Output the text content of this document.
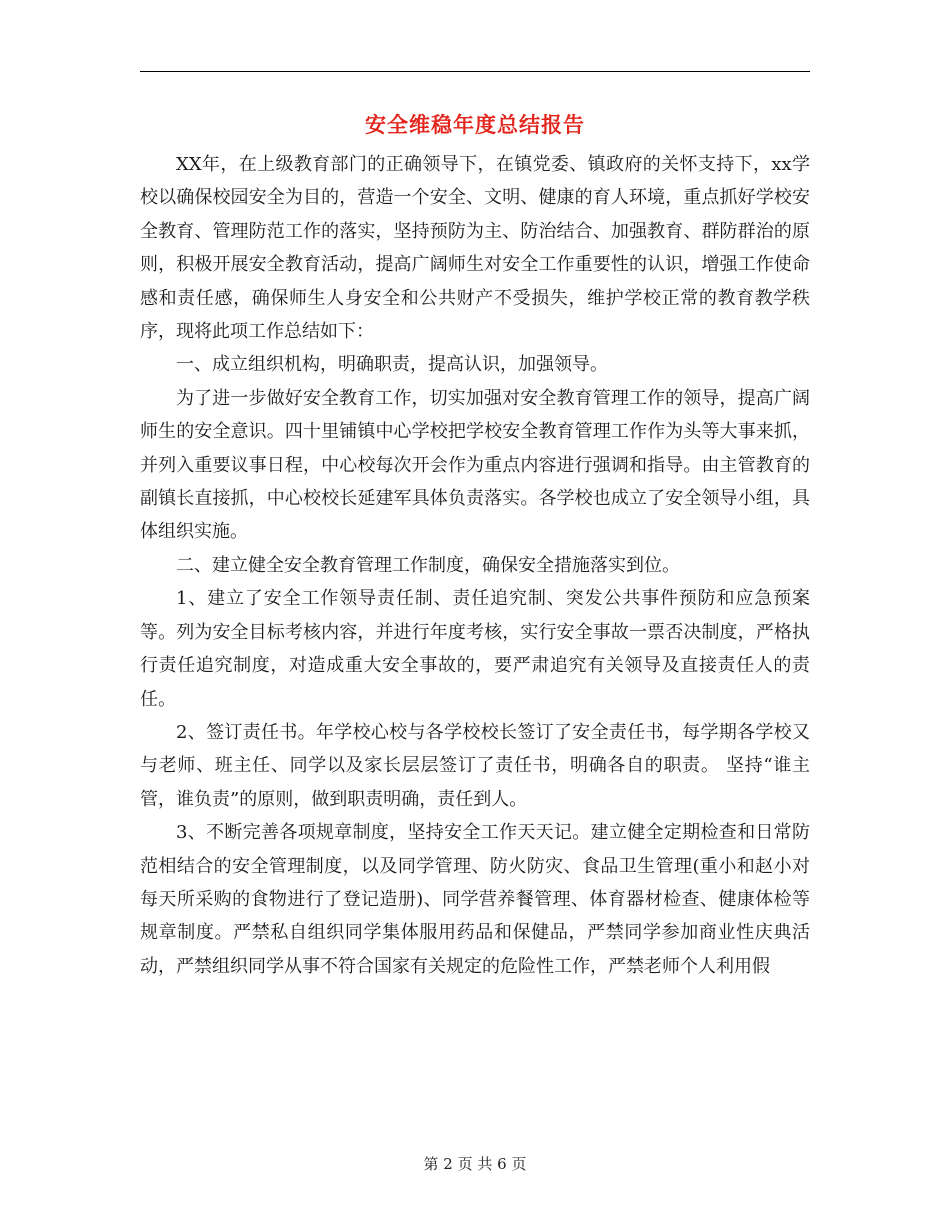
安全维稳年度总结报告

XX年，在上级教育部门的正确领导下，在镇党委、镇政府的关怀支持下，xx学校以确保校园安全为目的，营造一个安全、文明、健康的育人环境，重点抓好学校安全教育、管理防范工作的落实，坚持预防为主、防治结合、加强教育、群防群治的原则，积极开展安全教育活动，提高广阔师生对安全工作重要性的认识，增强工作使命感和责任感，确保师生人身安全和公共财产不受损失，维护学校正常的教育教学秩序，现将此项工作总结如下：

一、成立组织机构，明确职责，提高认识，加强领导。

为了进一步做好安全教育工作，切实加强对安全教育管理工作的领导，提高广阔师生的安全意识。四十里铺镇中心学校把学校安全教育管理工作作为头等大事来抓，并列入重要议事日程，中心校每次开会作为重点内容进行强调和指导。由主管教育的副镇长直接抓，中心校校长延建军具体负责落实。各学校也成立了安全领导小组，具体组织实施。

二、建立健全安全教育管理工作制度，确保安全措施落实到位。

1、建立了安全工作领导责任制、责任追究制、突发公共事件预防和应急预案等。列为安全目标考核内容，并进行年度考核，实行安全事故一票否决制度，严格执行责任追究制度，对造成重大安全事故的，要严肃追究有关领导及直接责任人的责任。

2、签订责任书。年学校心校与各学校校长签订了安全责任书，每学期各学校又与老师、班主任、同学以及家长层层签订了责任书，明确各自的职责。 坚持“谁主管，谁负责”的原则，做到职责明确，责任到人。

3、不断完善各项规章制度，坚持安全工作天天记。建立健全定期检查和日常防范相结合的安全管理制度，以及同学管理、防火防灾、食品卫生管理(重小和赵小对每天所采购的食物进行了登记造册)、同学营养餐管理、体育器材检查、健康体检等规章制度。严禁私自组织同学集体服用药品和保健品，严禁同学参加商业性庆典活动，严禁组织同学从事不符合国家有关规定的危险性工作，严禁老师个人利用假

第 2 页 共 6 页
